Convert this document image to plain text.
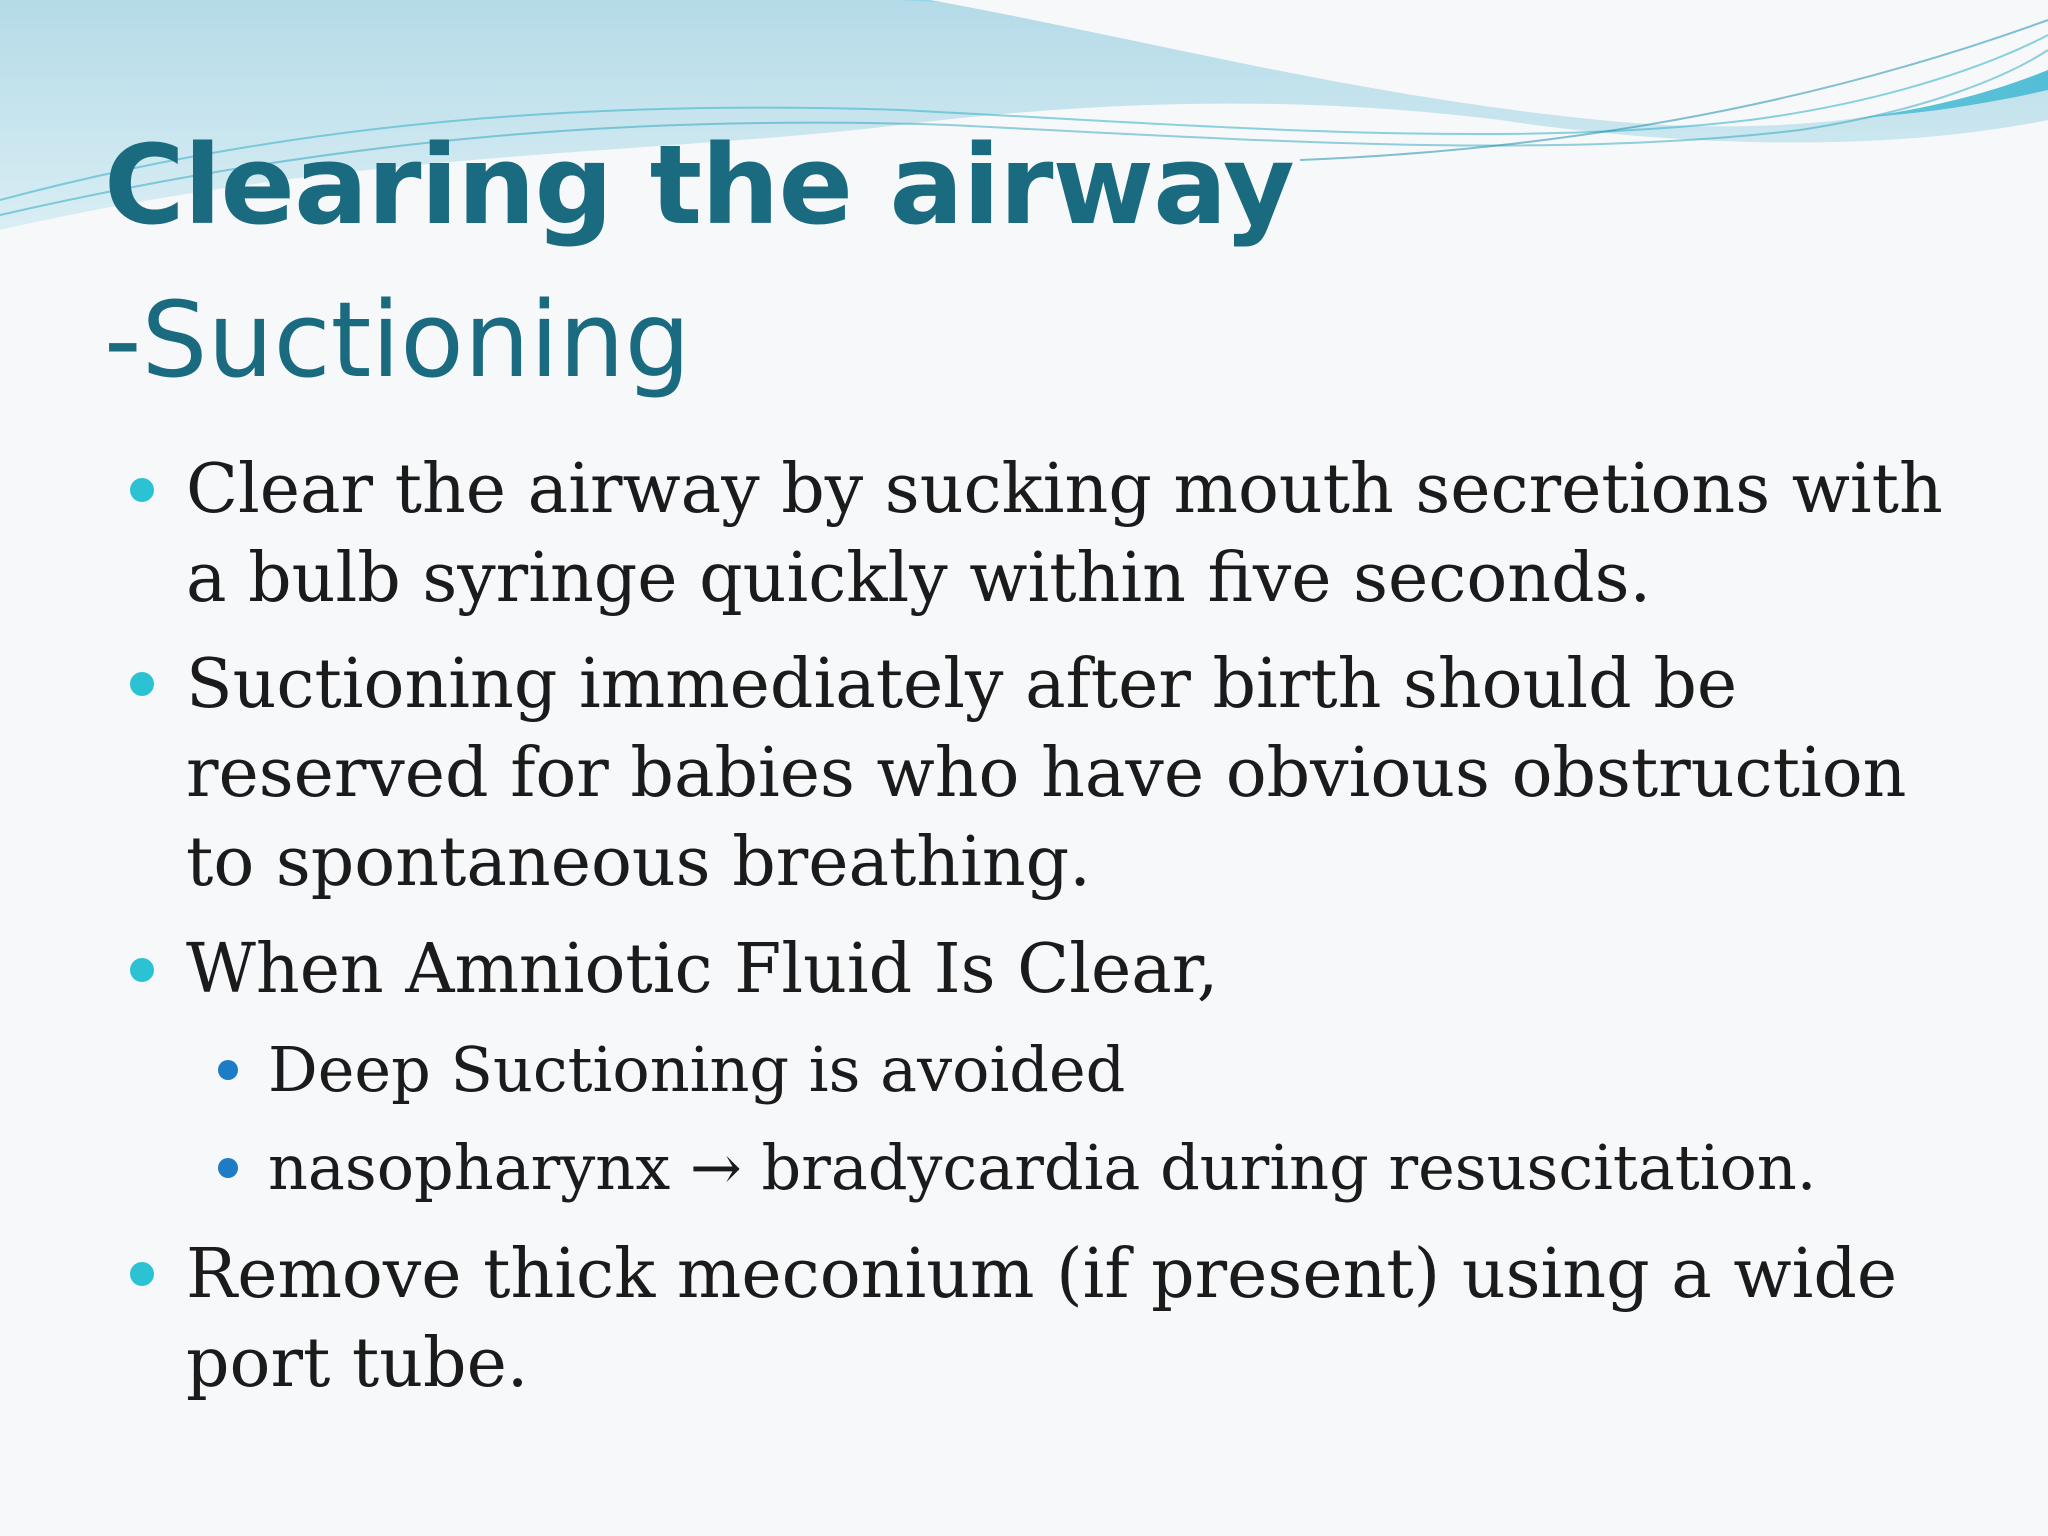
Clearing the airway
-Suctioning
Clear the airway by sucking mouth secretions with a bulb syringe quickly within five seconds.
Suctioning immediately after birth should be reserved for babies who have obvious obstruction to spontaneous breathing.
When Amniotic Fluid Is Clear,
Deep Suctioning is avoided
nasopharynx → bradycardia during resuscitation.
Remove thick meconium (if present) using a wide port tube.
